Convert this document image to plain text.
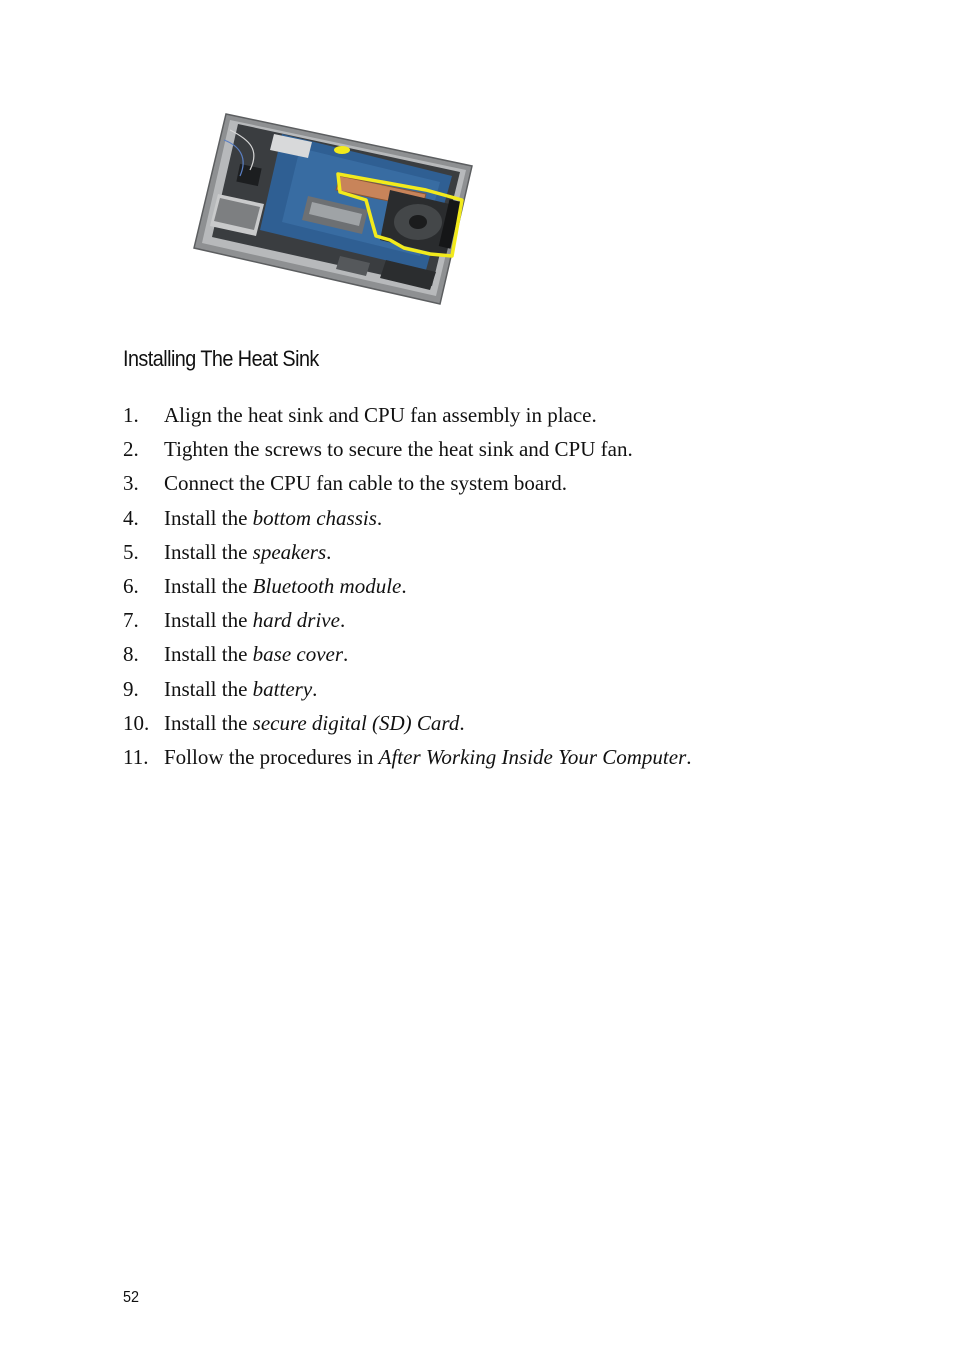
Installing The Heat Sink
1. Align the heat sink and CPU fan assembly in place.
2. Tighten the screws to secure the heat sink and CPU fan.
3. Connect the CPU fan cable to the system board.
4. Install the bottom chassis.
5. Install the speakers.
6. Install the Bluetooth module.
7. Install the hard drive.
8. Install the base cover.
9. Install the battery.
10. Install the secure digital (SD) Card.
11. Follow the procedures in After Working Inside Your Computer.
52
